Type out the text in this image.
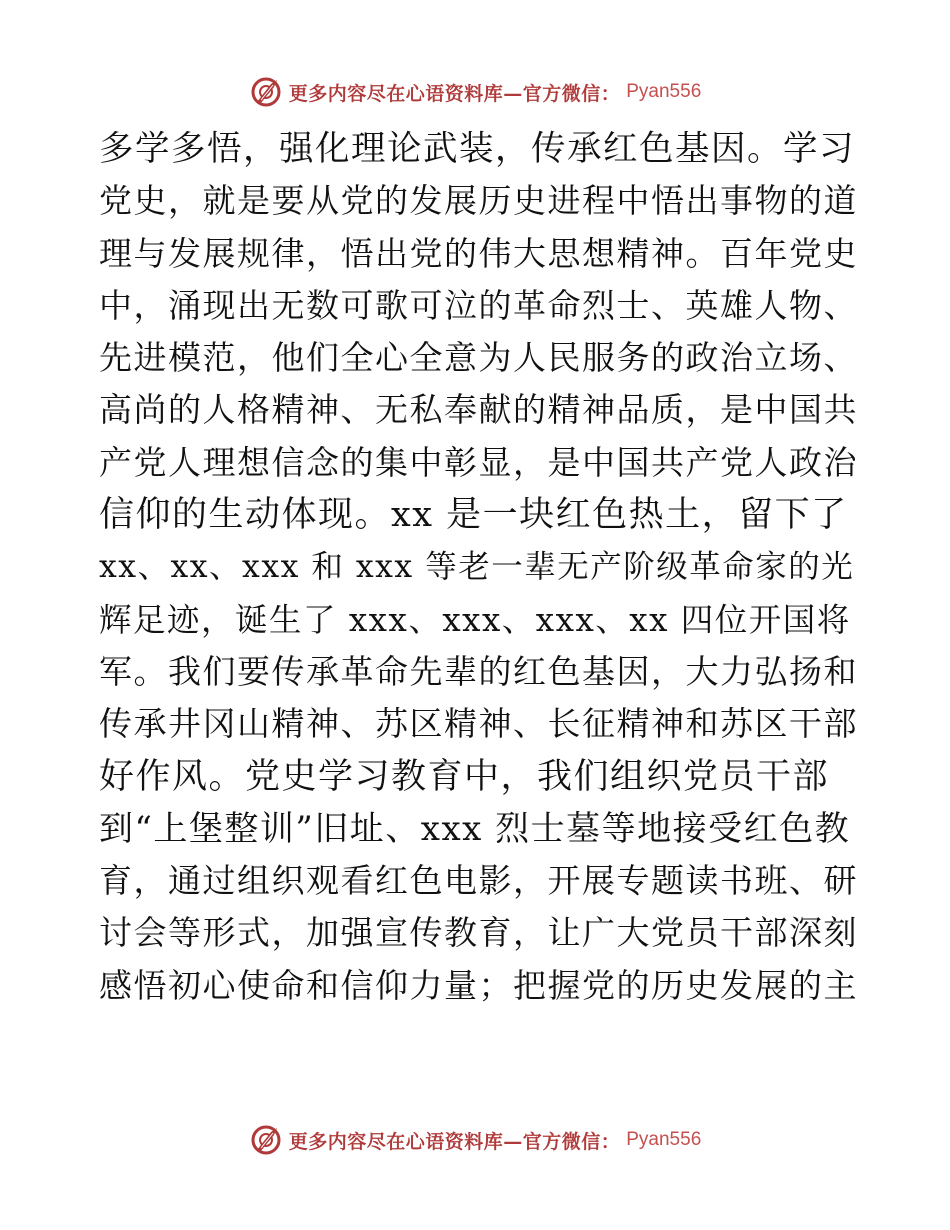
更多内容尽在心语资料库—官方微信： Pyan556
多学多悟，强化理论武装，传承红色基因。学习
党史，就是要从党的发展历史进程中悟出事物的道
理与发展规律，悟出党的伟大思想精神。百年党史
中，涌现出无数可歌可泣的革命烈士、英雄人物、
先进模范，他们全心全意为人民服务的政治立场、
高尚的人格精神、无私奉献的精神品质，是中国共
产党人理想信念的集中彰显，是中国共产党人政治
信仰的生动体现。xx 是一块红色热土，留下了
xx、xx、xxx 和 xxx 等老一辈无产阶级革命家的光
辉足迹，诞生了 xxx、xxx、xxx、xx 四位开国将
军。我们要传承革命先辈的红色基因，大力弘扬和
传承井冈山精神、苏区精神、长征精神和苏区干部
好作风。党史学习教育中，我们组织党员干部
到“上堡整训”旧址、xxx 烈士墓等地接受红色教
育，通过组织观看红色电影，开展专题读书班、研
讨会等形式，加强宣传教育，让广大党员干部深刻
感悟初心使命和信仰力量；把握党的历史发展的主
更多内容尽在心语资料库—官方微信： Pyan556
